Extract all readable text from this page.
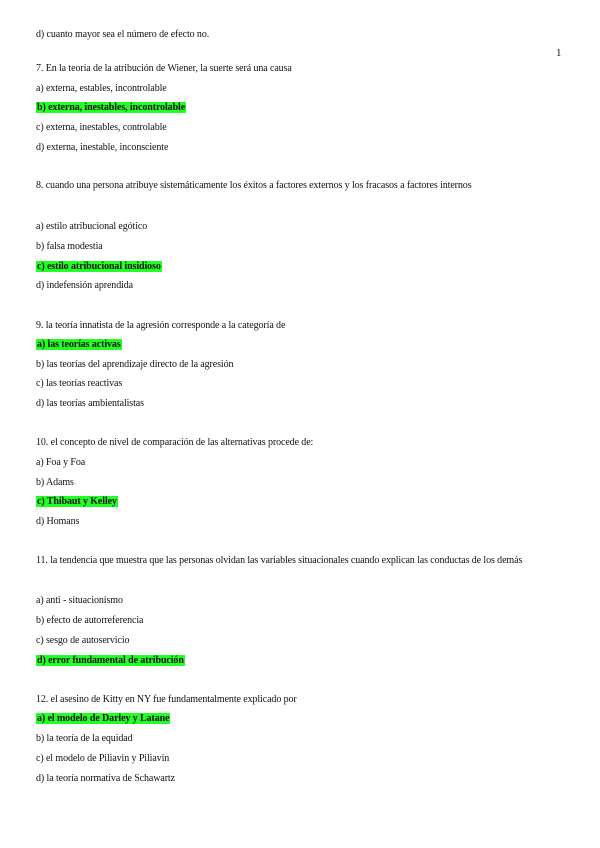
1
d) cuanto mayor sea el número de efecto no.
7. En la teoría de la atribución de Wiener, la suerte será una causa
a) externa, estables, incontrolable
b) externa, inestables, incontrolable
c) externa, inestables, controlable
d) externa, inestable, inconsciente
8. cuando una persona atribuye sistemáticamente los éxitos a factores externos y los fracasos a factores internos
a) estilo atribucional egótico
b) falsa modestia
c) estilo atribucional insidioso
d) indefensión aprendida
9. la teoría innatista de la agresión corresponde a la categoría de
a) las teorías activas
b) las teorías del aprendizaje directo de la agresión
c) las teorías reactivas
d) las teorías ambientalistas
10. el concepto de nivel de comparación de las alternativas procede de:
a) Foa y Foa
b) Adams
c) Thibaut y Kelley
d) Homans
11. la tendencia que muestra que las personas olvidan las variables situacionales cuando explican las conductas de los demás
a) anti - situacionismo
b) efecto de autorreferencia
c) sesgo de autoservicio
d) error fundamental de atribución
12. el asesino de Kitty en NY fue fundamentalmente explicado por
a) el modelo de Darley y Latane
b) la teoría de la equidad
c) el modelo de Piliavin y Piliavin
d) la teoría normativa de Schawartz
